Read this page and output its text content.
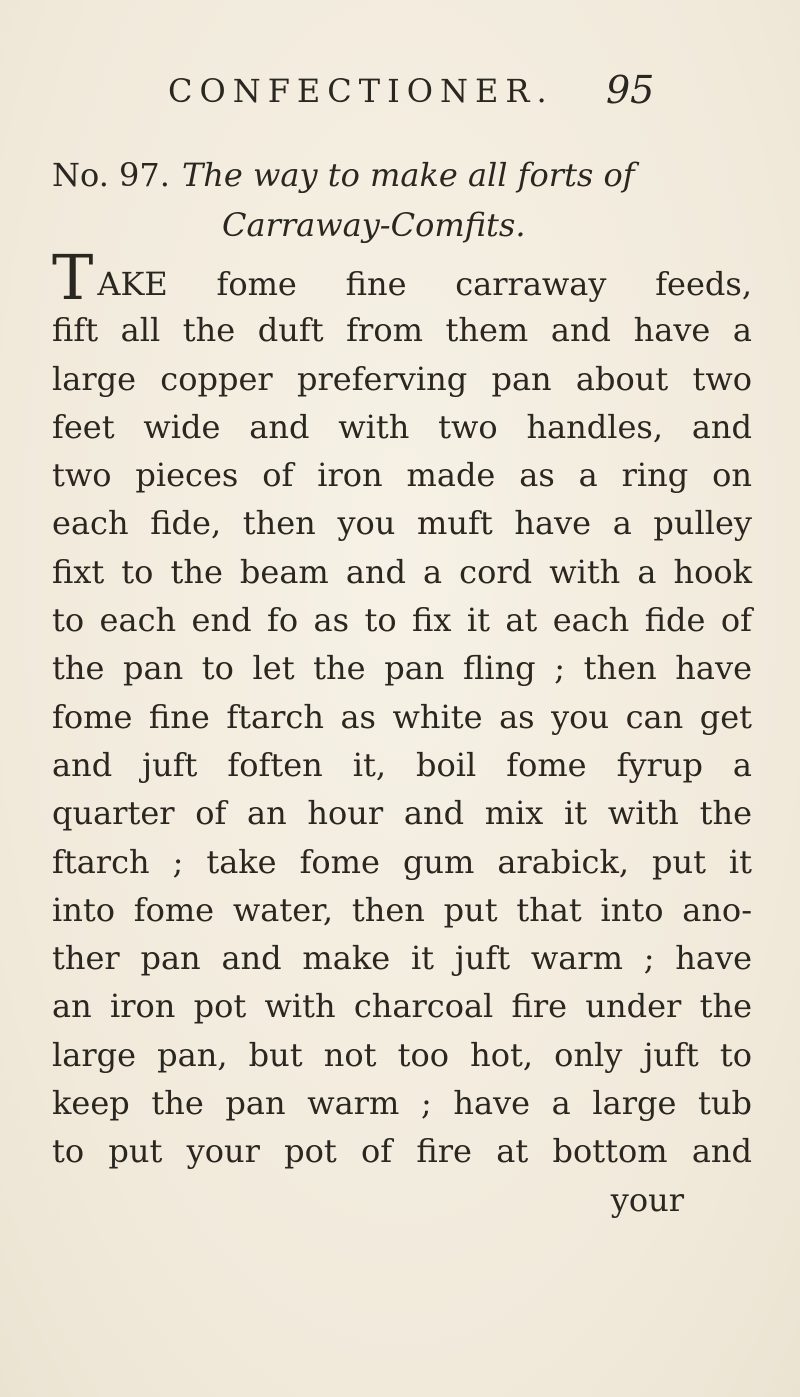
CONFECTIONER. 95
No. 97. The way to make all forts of
Carraway-Comfits.
TAKE fome fine carraway feeds,
fift all the duft from them and have a
large copper preferving pan about two
feet wide and with two handles, and
two pieces of iron made as a ring on
each fide, then you muft have a pulley
fixt to the beam and a cord with a hook
to each end fo as to fix it at each fide of
the pan to let the pan fling ; then have
fome fine ftarch as white as you can get
and juft foften it, boil fome fyrup a
quarter of an hour and mix it with the
ftarch ; take fome gum arabick, put it
into fome water, then put that into ano-
ther pan and make it juft warm ; have
an iron pot with charcoal fire under the
large pan, but not too hot, only juft to
keep the pan warm ; have a large tub
to put your pot of fire at bottom and
your
